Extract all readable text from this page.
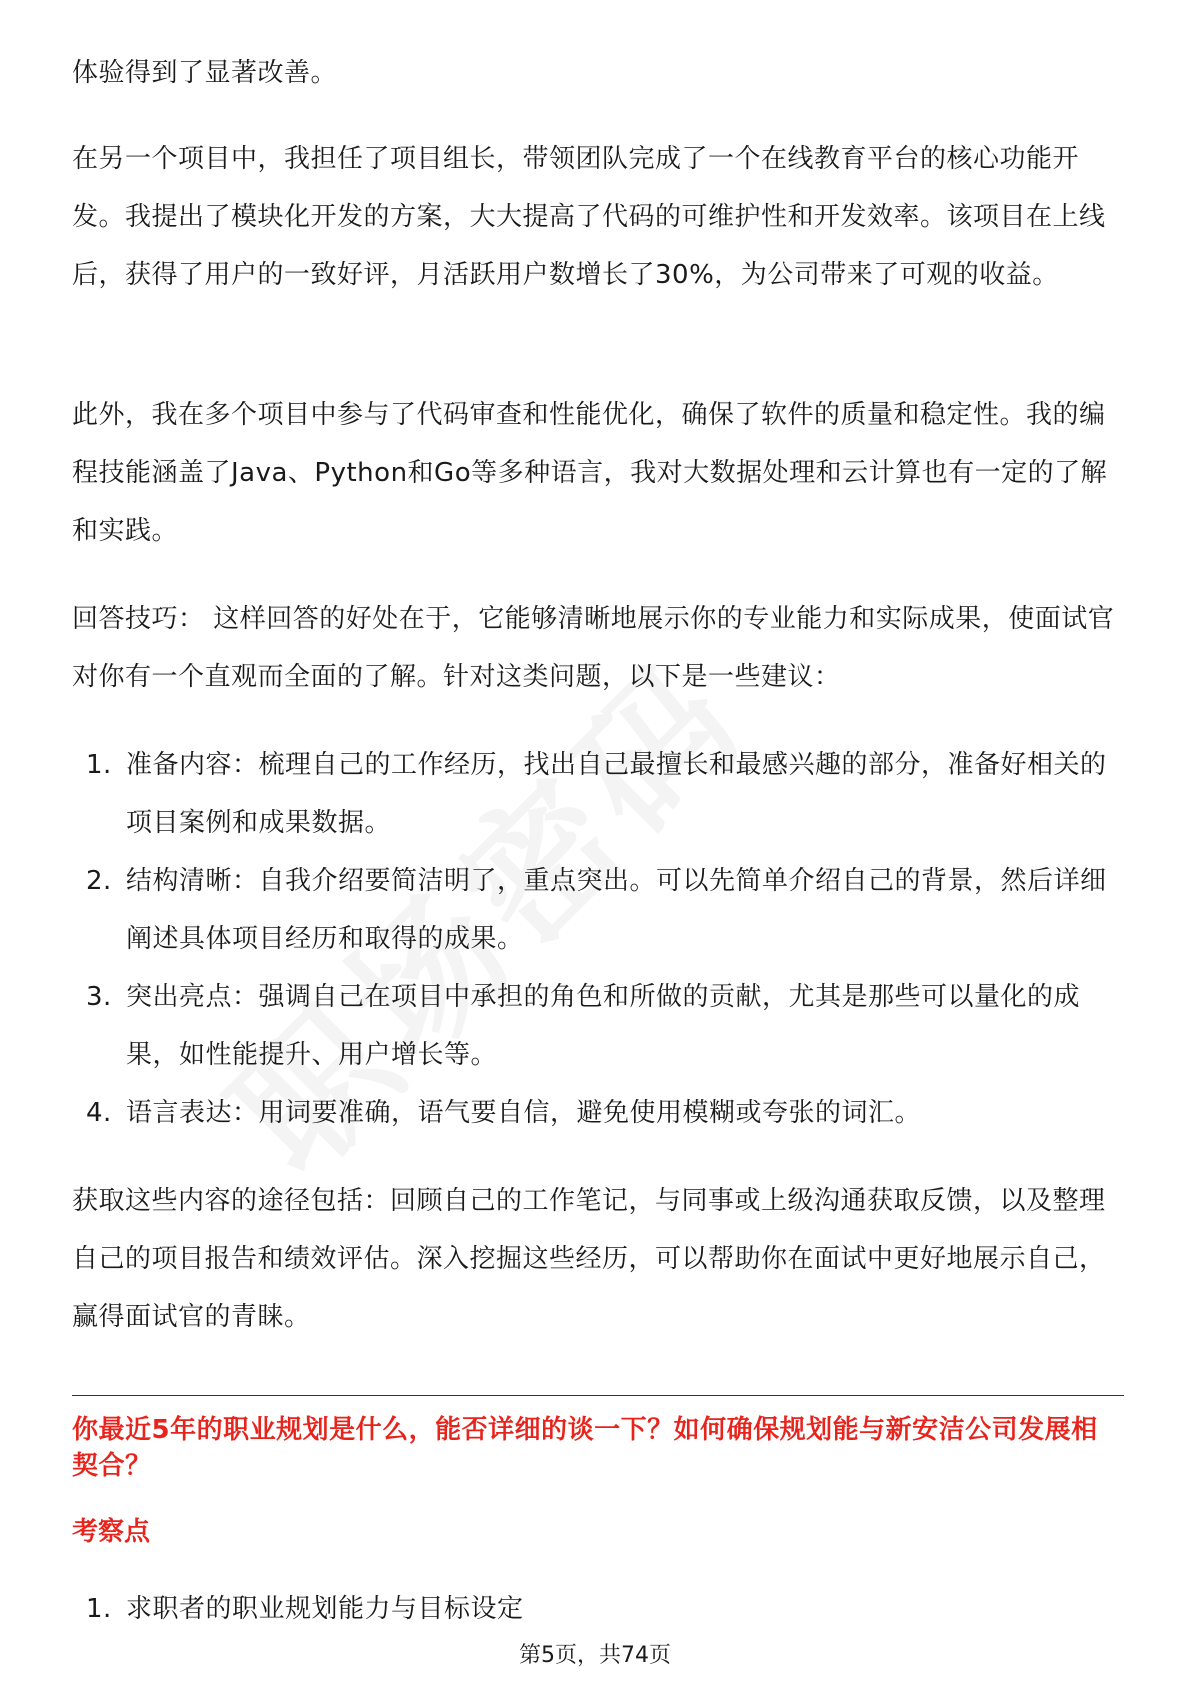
体验得到了显著改善。

在另一个项目中，我担任了项目组长，带领团队完成了一个在线教育平台的核心功能开发。我提出了模块化开发的方案，大大提高了代码的可维护性和开发效率。该项目在上线后，获得了用户的一致好评，月活跃用户数增长了30%，为公司带来了可观的收益。

此外，我在多个项目中参与了代码审查和性能优化，确保了软件的质量和稳定性。我的编程技能涵盖了Java、Python和Go等多种语言，我对大数据处理和云计算也有一定的了解和实践。

回答技巧： 这样回答的好处在于，它能够清晰地展示你的专业能力和实际成果，使面试官对你有一个直观而全面的了解。针对这类问题，以下是一些建议：

1. 准备内容：梳理自己的工作经历，找出自己最擅长和最感兴趣的部分，准备好相关的项目案例和成果数据。
2. 结构清晰：自我介绍要简洁明了，重点突出。可以先简单介绍自己的背景，然后详细阐述具体项目经历和取得的成果。
3. 突出亮点：强调自己在项目中承担的角色和所做的贡献，尤其是那些可以量化的成果，如性能提升、用户增长等。
4. 语言表达：用词要准确，语气要自信，避免使用模糊或夸张的词汇。

获取这些内容的途径包括：回顾自己的工作笔记，与同事或上级沟通获取反馈，以及整理自己的项目报告和绩效评估。深入挖掘这些经历，可以帮助你在面试中更好地展示自己，赢得面试官的青睐。

你最近5年的职业规划是什么，能否详细的谈一下？如何确保规划能与新安洁公司发展相契合？
考察点
1. 求职者的职业规划能力与目标设定
第5页，共74页
